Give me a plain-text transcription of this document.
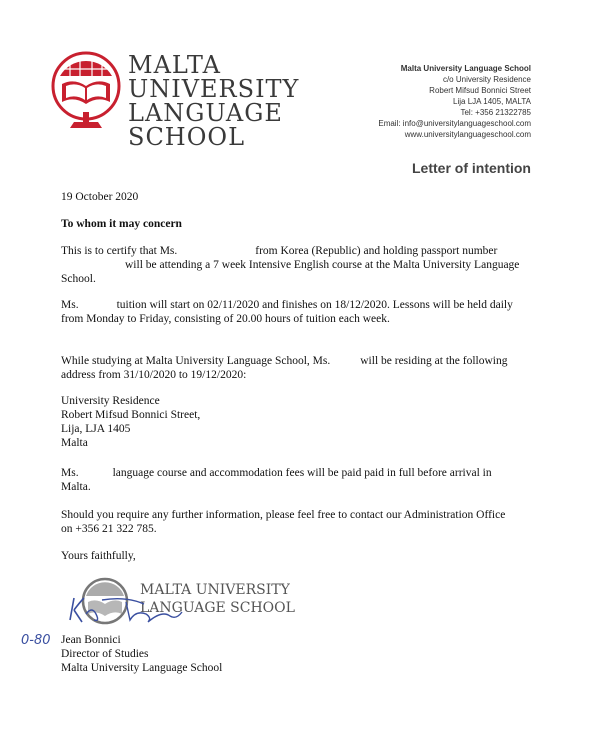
MALTA
UNIVERSITY
LANGUAGE
SCHOOL
Malta University Language School
c/o University Residence
Robert Mifsud Bonnici Street
Lija LJA 1405, MALTA
Tel: +356 21322785
Email: info@universitylanguageschool.com
www.universitylanguageschool.com
Letter of intention
19 October 2020
To whom it may concern
This is to certify that Ms.	from Korea (Republic) and holding passport number
will be attending a 7 week Intensive English course at the Malta University Language
School.
Ms.	tuition will start on 02/11/2020 and finishes on 18/12/2020. Lessons will be held daily
from Monday to Friday, consisting of 20.00 hours of tuition each week.
While studying at Malta University Language School, Ms.	will be residing at the following
address from 31/10/2020 to 19/12/2020:
University Residence
Robert Mifsud Bonnici Street,
Lija, LJA 1405
Malta
Ms.	language course and accommodation fees will be paid paid in full before arrival in
Malta.
Should you require any further information, please feel free to contact our Administration Office
on +356 21 322 785.
Yours faithfully,
MALTA UNIVERSITY
LANGUAGE SCHOOL
0-80 Jean Bonnici
Director of Studies
Malta University Language School
